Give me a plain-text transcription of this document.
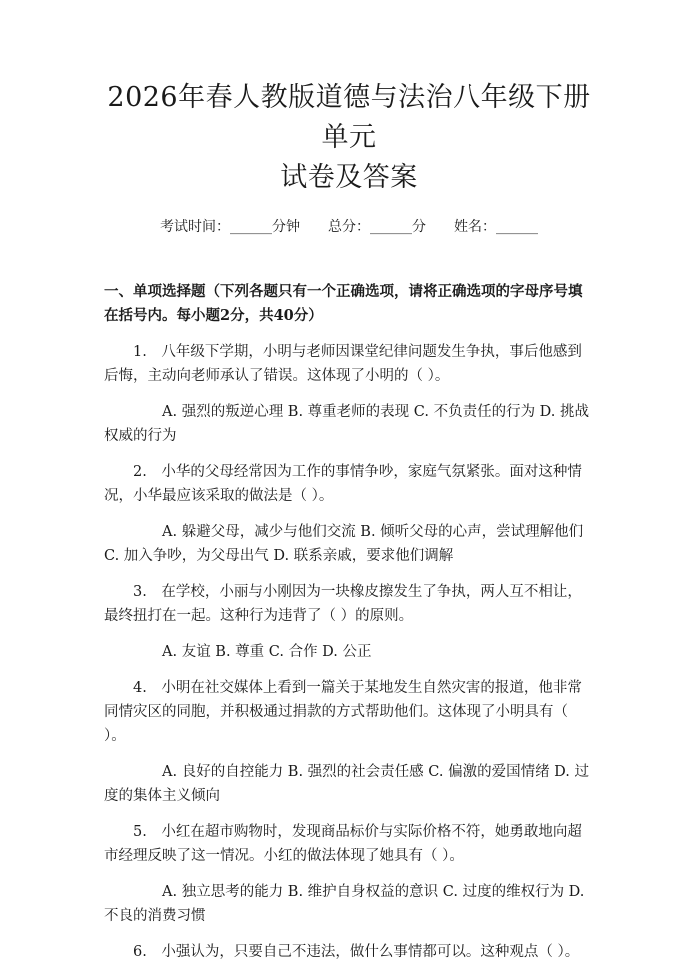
2026年春人教版道德与法治八年级下册单元
试卷及答案
考试时间：______分钟 总分：______分 姓名：______

一、单项选择题（下列各题只有一个正确选项，请将正确选项的字母序号填在括号内。每小题2分，共40分）

1.　八年级下学期，小明与老师因课堂纪律问题发生争执，事后他感到后悔，主动向老师承认了错误。这体现了小明的（ ）。

A. 强烈的叛逆心理 B. 尊重老师的表现 C. 不负责任的行为 D. 挑战权威的行为

2.　小华的父母经常因为工作的事情争吵，家庭气氛紧张。面对这种情况，小华最应该采取的做法是（ ）。

A. 躲避父母，减少与他们交流 B. 倾听父母的心声，尝试理解他们 C. 加入争吵，为父母出气 D. 联系亲戚，要求他们调解

3.　在学校，小丽与小刚因为一块橡皮擦发生了争执，两人互不相让，最终扭打在一起。这种行为违背了（ ）的原则。

A. 友谊 B. 尊重 C. 合作 D. 公正

4.　小明在社交媒体上看到一篇关于某地发生自然灾害的报道，他非常同情灾区的同胞，并积极通过捐款的方式帮助他们。这体现了小明具有（ ）。

A. 良好的自控能力 B. 强烈的社会责任感 C. 偏激的爱国情绪 D. 过度的集体主义倾向

5.　小红在超市购物时，发现商品标价与实际价格不符，她勇敢地向超市经理反映了这一情况。小红的做法体现了她具有（ ）。

A. 独立思考的能力 B. 维护自身权益的意识 C. 过度的维权行为 D. 不良的消费习惯

6.　小强认为，只要自己不违法，做什么事情都可以。这种观点（ ）。
